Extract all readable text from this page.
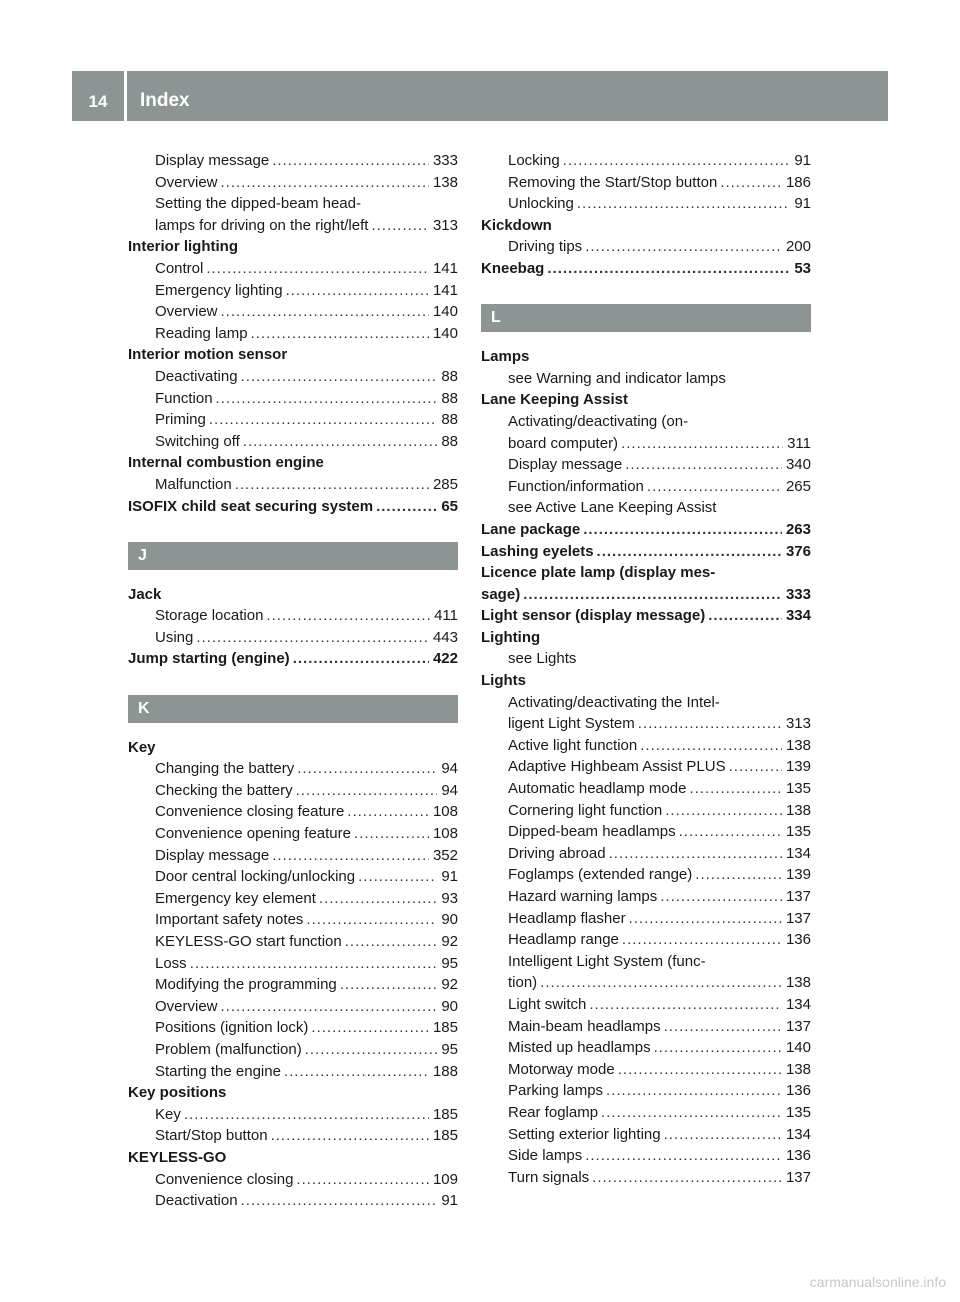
14	Index
Display message .....	333
Overview .....	138
Setting the dipped-beam head-
lamps for driving on the right/left .....	313
Interior lighting
Control .....	141
Emergency lighting .....	141
Overview .....	140
Reading lamp .....	140
Interior motion sensor
Deactivating .....	88
Function .....	88
Priming .....	88
Switching off .....	88
Internal combustion engine
Malfunction .....	285
ISOFIX child seat securing system .....	65
J
Jack
Storage location .....	411
Using .....	443
Jump starting (engine) .....	422
K
Key
Changing the battery .....	94
Checking the battery .....	94
Convenience closing feature .....	108
Convenience opening feature .....	108
Display message .....	352
Door central locking/unlocking .....	91
Emergency key element .....	93
Important safety notes .....	90
KEYLESS-GO start function .....	92
Loss .....	95
Modifying the programming .....	92
Overview .....	90
Positions (ignition lock) .....	185
Problem (malfunction) .....	95
Starting the engine .....	188
Key positions
Key .....	185
Start/Stop button .....	185
KEYLESS-GO
Convenience closing .....	109
Deactivation .....	91
Locking .....	91
Removing the Start/Stop button .....	186
Unlocking .....	91
Kickdown
Driving tips .....	200
Kneebag .....	53
L
Lamps
see Warning and indicator lamps
Lane Keeping Assist
Activating/deactivating (on-
board computer) .....	311
Display message .....	340
Function/information .....	265
see Active Lane Keeping Assist
Lane package .....	263
Lashing eyelets .....	376
Licence plate lamp (display mes-
sage) .....	333
Light sensor (display message) .....	334
Lighting
see Lights
Lights
Activating/deactivating the Intel-
ligent Light System .....	313
Active light function .....	138
Adaptive Highbeam Assist PLUS .....	139
Automatic headlamp mode .....	135
Cornering light function .....	138
Dipped-beam headlamps .....	135
Driving abroad .....	134
Foglamps (extended range) .....	139
Hazard warning lamps .....	137
Headlamp flasher .....	137
Headlamp range .....	136
Intelligent Light System (func-
tion) .....	138
Light switch .....	134
Main-beam headlamps .....	137
Misted up headlamps .....	140
Motorway mode .....	138
Parking lamps .....	136
Rear foglamp .....	135
Setting exterior lighting .....	134
Side lamps .....	136
Turn signals .....	137
carmanualsonline.info
